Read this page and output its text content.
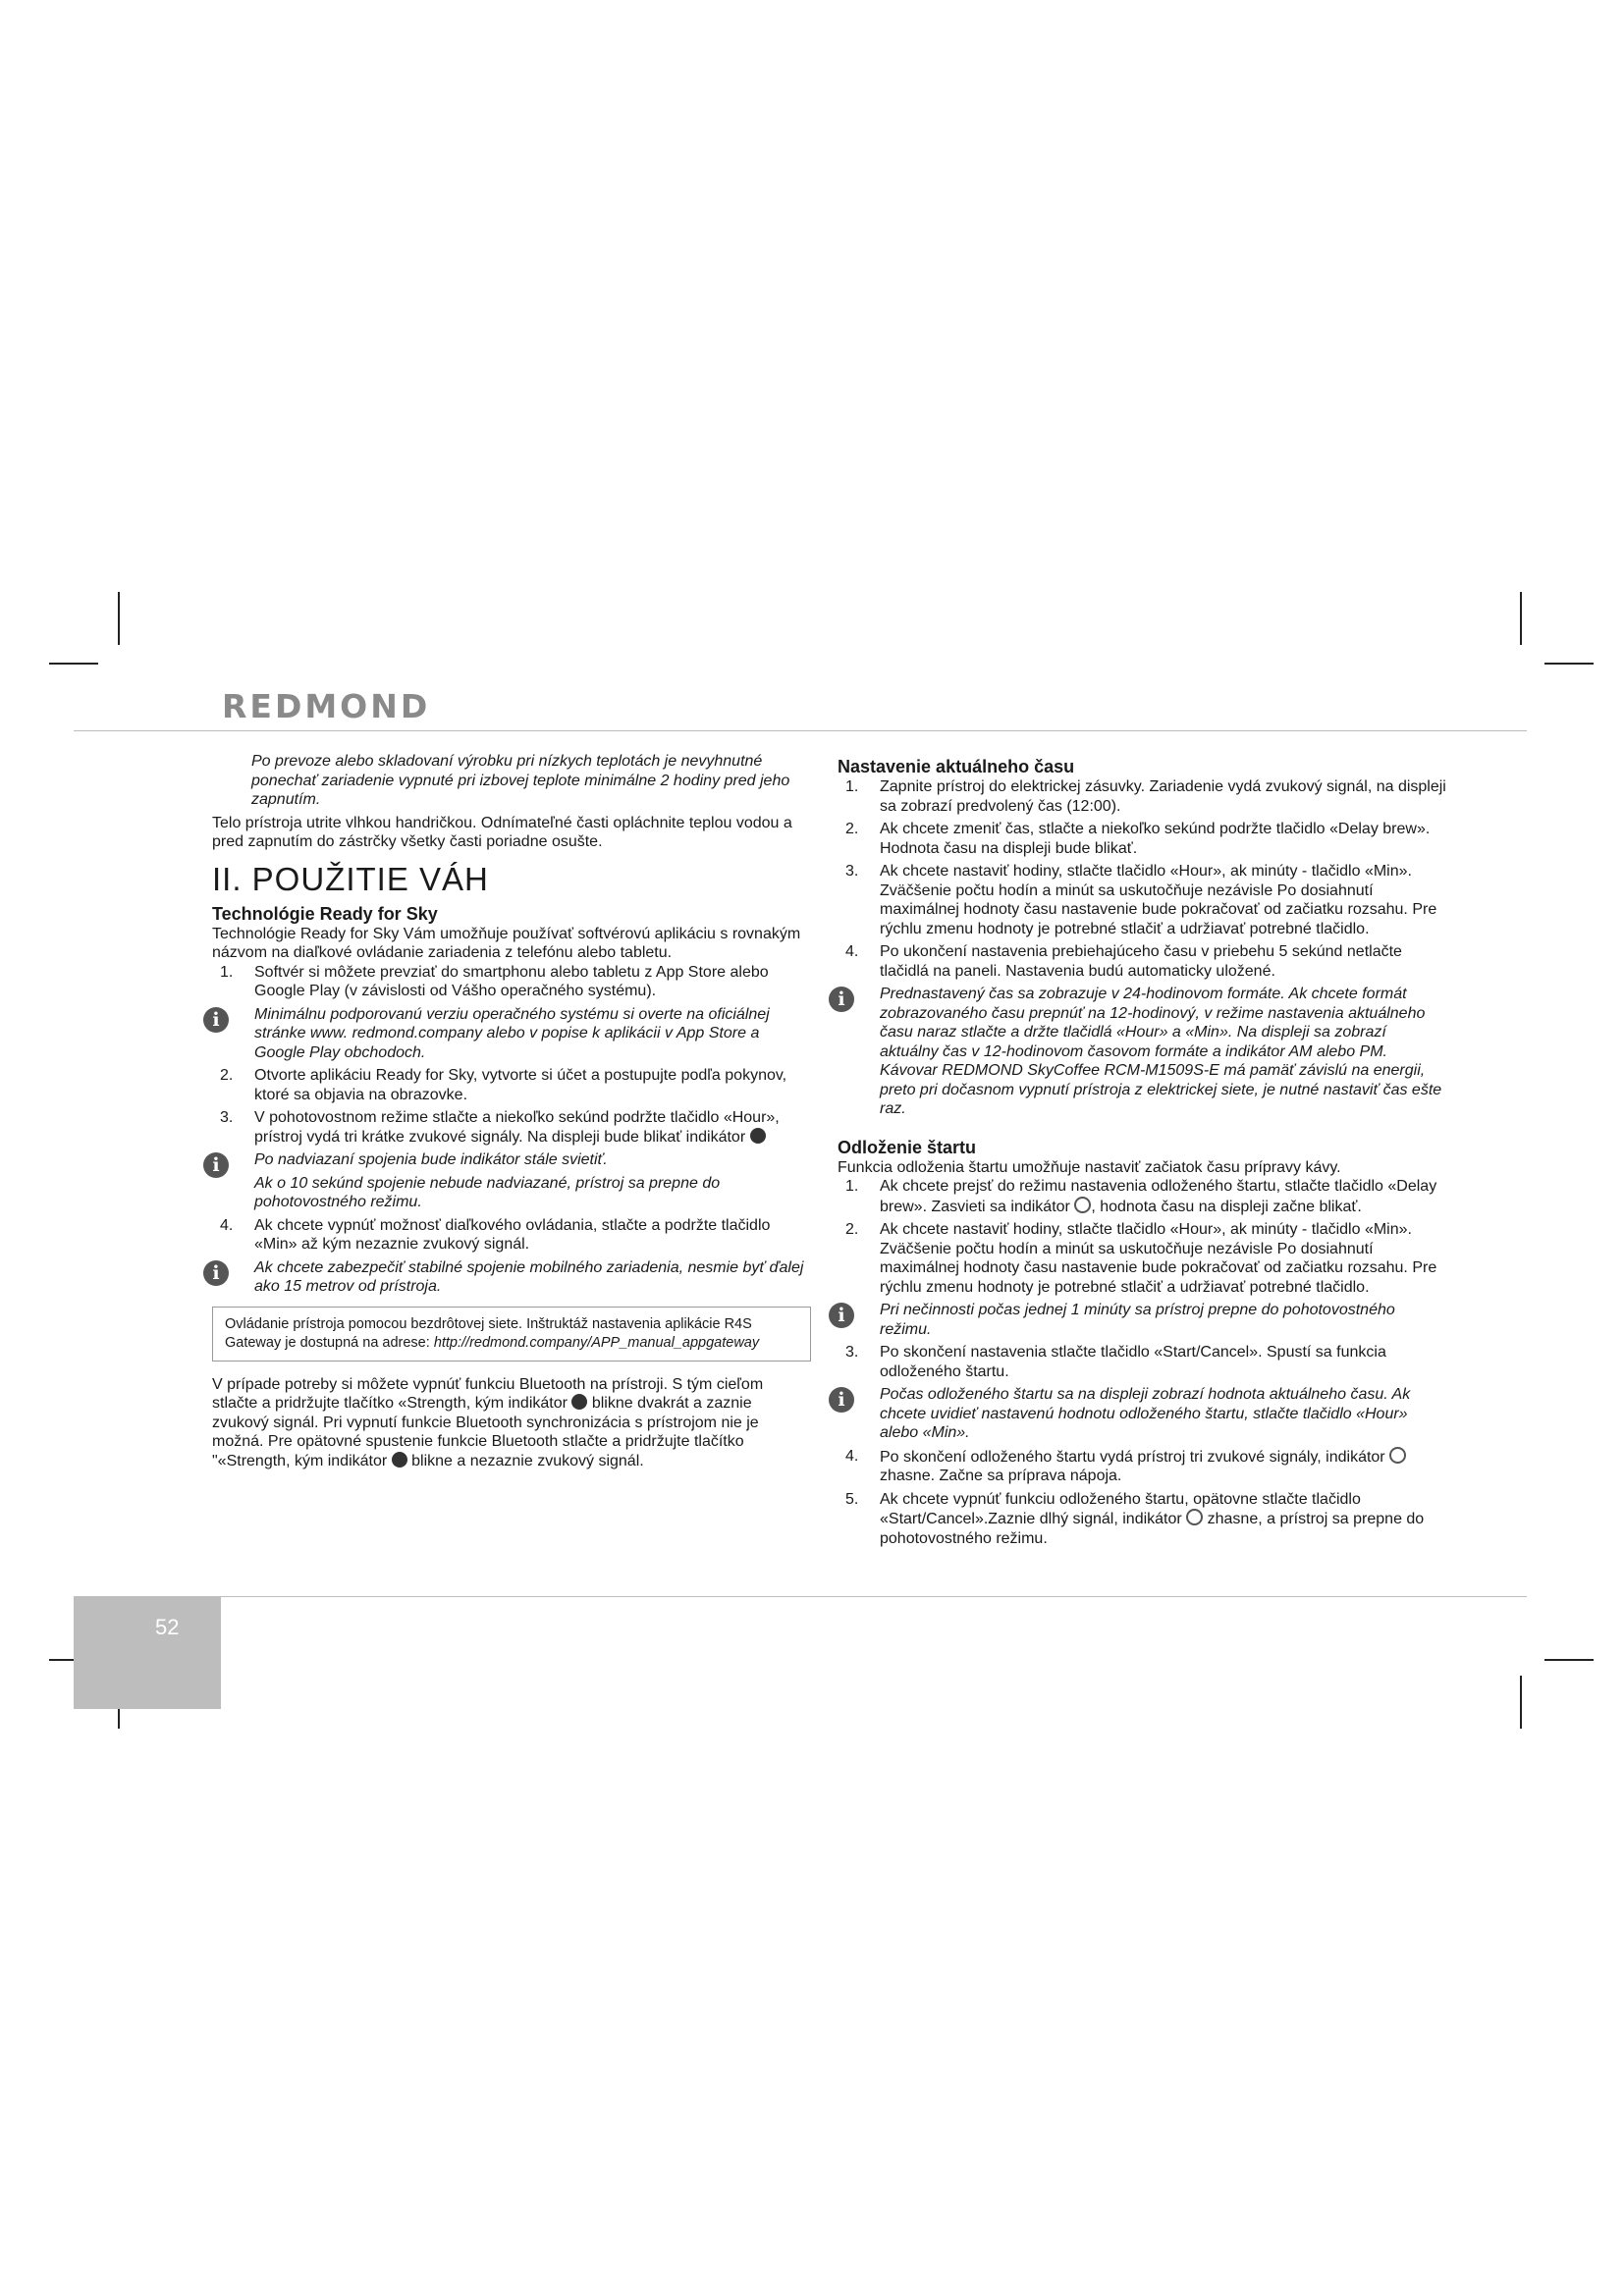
REDMOND

Po prevoze alebo skladovaní výrobku pri nízkych teplotách je nevyhnutné ponechať zariadenie vypnuté pri izbovej teplote minimálne 2 hodiny pred jeho zapnutím.

Telo prístroja utrite vlhkou handričkou. Odnímateľné časti opláchnite teplou vodou a pred zapnutím do zástrčky všetky časti poriadne osušte.

II. POUŽITIE VÁH
Technológie Ready for Sky

Technológie Ready for Sky Vám umožňuje používať softvérovú aplikáciu s rovnakým názvom na diaľkové ovládanie zariadenia z telefónu alebo tabletu.

1. Softvér si môžete prevziať do smartphonu alebo tabletu z App Store alebo Google Play (v závislosti od Vášho operačného systému).
i	Minimálnu podporovanú verziu operačného systému si overte na oficiálnej stránke www. redmond.company alebo v popise k aplikácii v App Store a Google Play obchodoch.
2. Otvorte aplikáciu Ready for Sky, vytvorte si účet a postupujte podľa pokynov, ktoré sa objavia na obrazovke.
3. V pohotovostnom režime stlačte a niekoľko sekúnd podržte tlačidlo «Hour», prístroj vydá tri krátke zvukové signály. Na displeji bude blikať indikátor
i	Po nadviazaní spojenia bude indikátor stále svietiť.
Ak o 10 sekúnd spojenie nebude nadviazané, prístroj sa prepne do pohotovostného režimu.
4. Ak chcete vypnúť možnosť diaľkového ovládania, stlačte a podržte tlačidlo «Min» až kým nezaznie zvukový signál.
i	Ak chcete zabezpečiť stabilné spojenie mobilného zariadenia, nesmie byť ďalej ako 15 metrov od prístroja.
Ovládanie prístroja pomocou bezdrôtovej siete. Inštruktáž nastavenia aplikácie R4S Gateway je dostupná na adrese: http://redmond.company/APP_manual_appgateway

V prípade potreby si môžete vypnúť funkciu Bluetooth na prístroji. S tým cieľom stlačte a pridržujte tlačítko «Strength, kým indikátor blikne dvakrát a zaznie zvukový signál. Pri vypnutí funkcie Bluetooth synchronizácia s prístrojom nie je možná. Pre opätovné spustenie funkcie Bluetooth stlačte a pridržujte tlačítko "«Strength, kým indikátor blikne a nezaznie zvukový signál.

Nastavenie aktuálneho času
1. Zapnite prístroj do elektrickej zásuvky. Zariadenie vydá zvukový signál, na displeji sa zobrazí predvolený čas (12:00).
2. Ak chcete zmeniť čas, stlačte a niekoľko sekúnd podržte tlačidlo «Delay brew». Hodnota času na displeji bude blikať.
3. Ak chcete nastaviť hodiny, stlačte tlačidlo «Hour», ak minúty - tlačidlo «Min». Zväčšenie počtu hodín a minút sa uskutočňuje nezávisle Po dosiahnutí maximálnej hodnoty času nastavenie bude pokračovať od začiatku rozsahu. Pre rýchlu zmenu hodnoty je potrebné stlačiť a udržiavať potrebné tlačidlo.
4. Po ukončení nastavenia prebiehajúceho času v priebehu 5 sekúnd netlačte tlačidlá na paneli. Nastavenia budú automaticky uložené.
i	Prednastavený čas sa zobrazuje v 24-hodinovom formáte. Ak chcete formát zobrazovaného času prepnúť na 12-hodinový, v režime nastavenia aktuálneho času naraz stlačte a držte tlačidlá «Hour» a «Min». Na displeji sa zobrazí aktuálny čas v 12-hodinovom časovom formáte a indikátor AM alebo PM.
Kávovar REDMOND SkyCoffee RCM-M1509S-E má pamäť závislú na energii, preto pri dočasnom vypnutí prístroja z elektrickej siete, je nutné nastaviť čas ešte raz.
Odloženie štartu

Funkcia odloženia štartu umožňuje nastaviť začiatok času prípravy kávy.

1. Ak chcete prejsť do režimu nastavenia odloženého štartu, stlačte tlačidlo «Delay brew». Zasvieti sa indikátor , hodnota času na displeji začne blikať.
2. Ak chcete nastaviť hodiny, stlačte tlačidlo «Hour», ak minúty - tlačidlo «Min». Zväčšenie počtu hodín a minút sa uskutočňuje nezávisle Po dosiahnutí maximálnej hodnoty času nastavenie bude pokračovať od začiatku rozsahu. Pre rýchlu zmenu hodnoty je potrebné stlačiť a udržiavať potrebné tlačidlo.
i	Pri nečinnosti počas jednej 1 minúty sa prístroj prepne do pohotovostného režimu.
3. Po skončení nastavenia stlačte tlačidlo «Start/Cancel». Spustí sa funkcia odloženého štartu.
i	Počas odloženého štartu sa na displeji zobrazí hodnota aktuálneho času. Ak chcete uvidieť nastavenú hodnotu odloženého štartu, stlačte tlačidlo «Hour» alebo «Min».
4. Po skončení odloženého štartu vydá prístroj tri zvukové signály, indikátor  zhasne. Začne sa príprava nápoja.
5. Ak chcete vypnúť funkciu odloženého štartu, opätovne stlačte tlačidlo «Start/Cancel».Zaznie dlhý signál, indikátor zhasne, a prístroj sa prepne do pohotovostného režimu.
52
